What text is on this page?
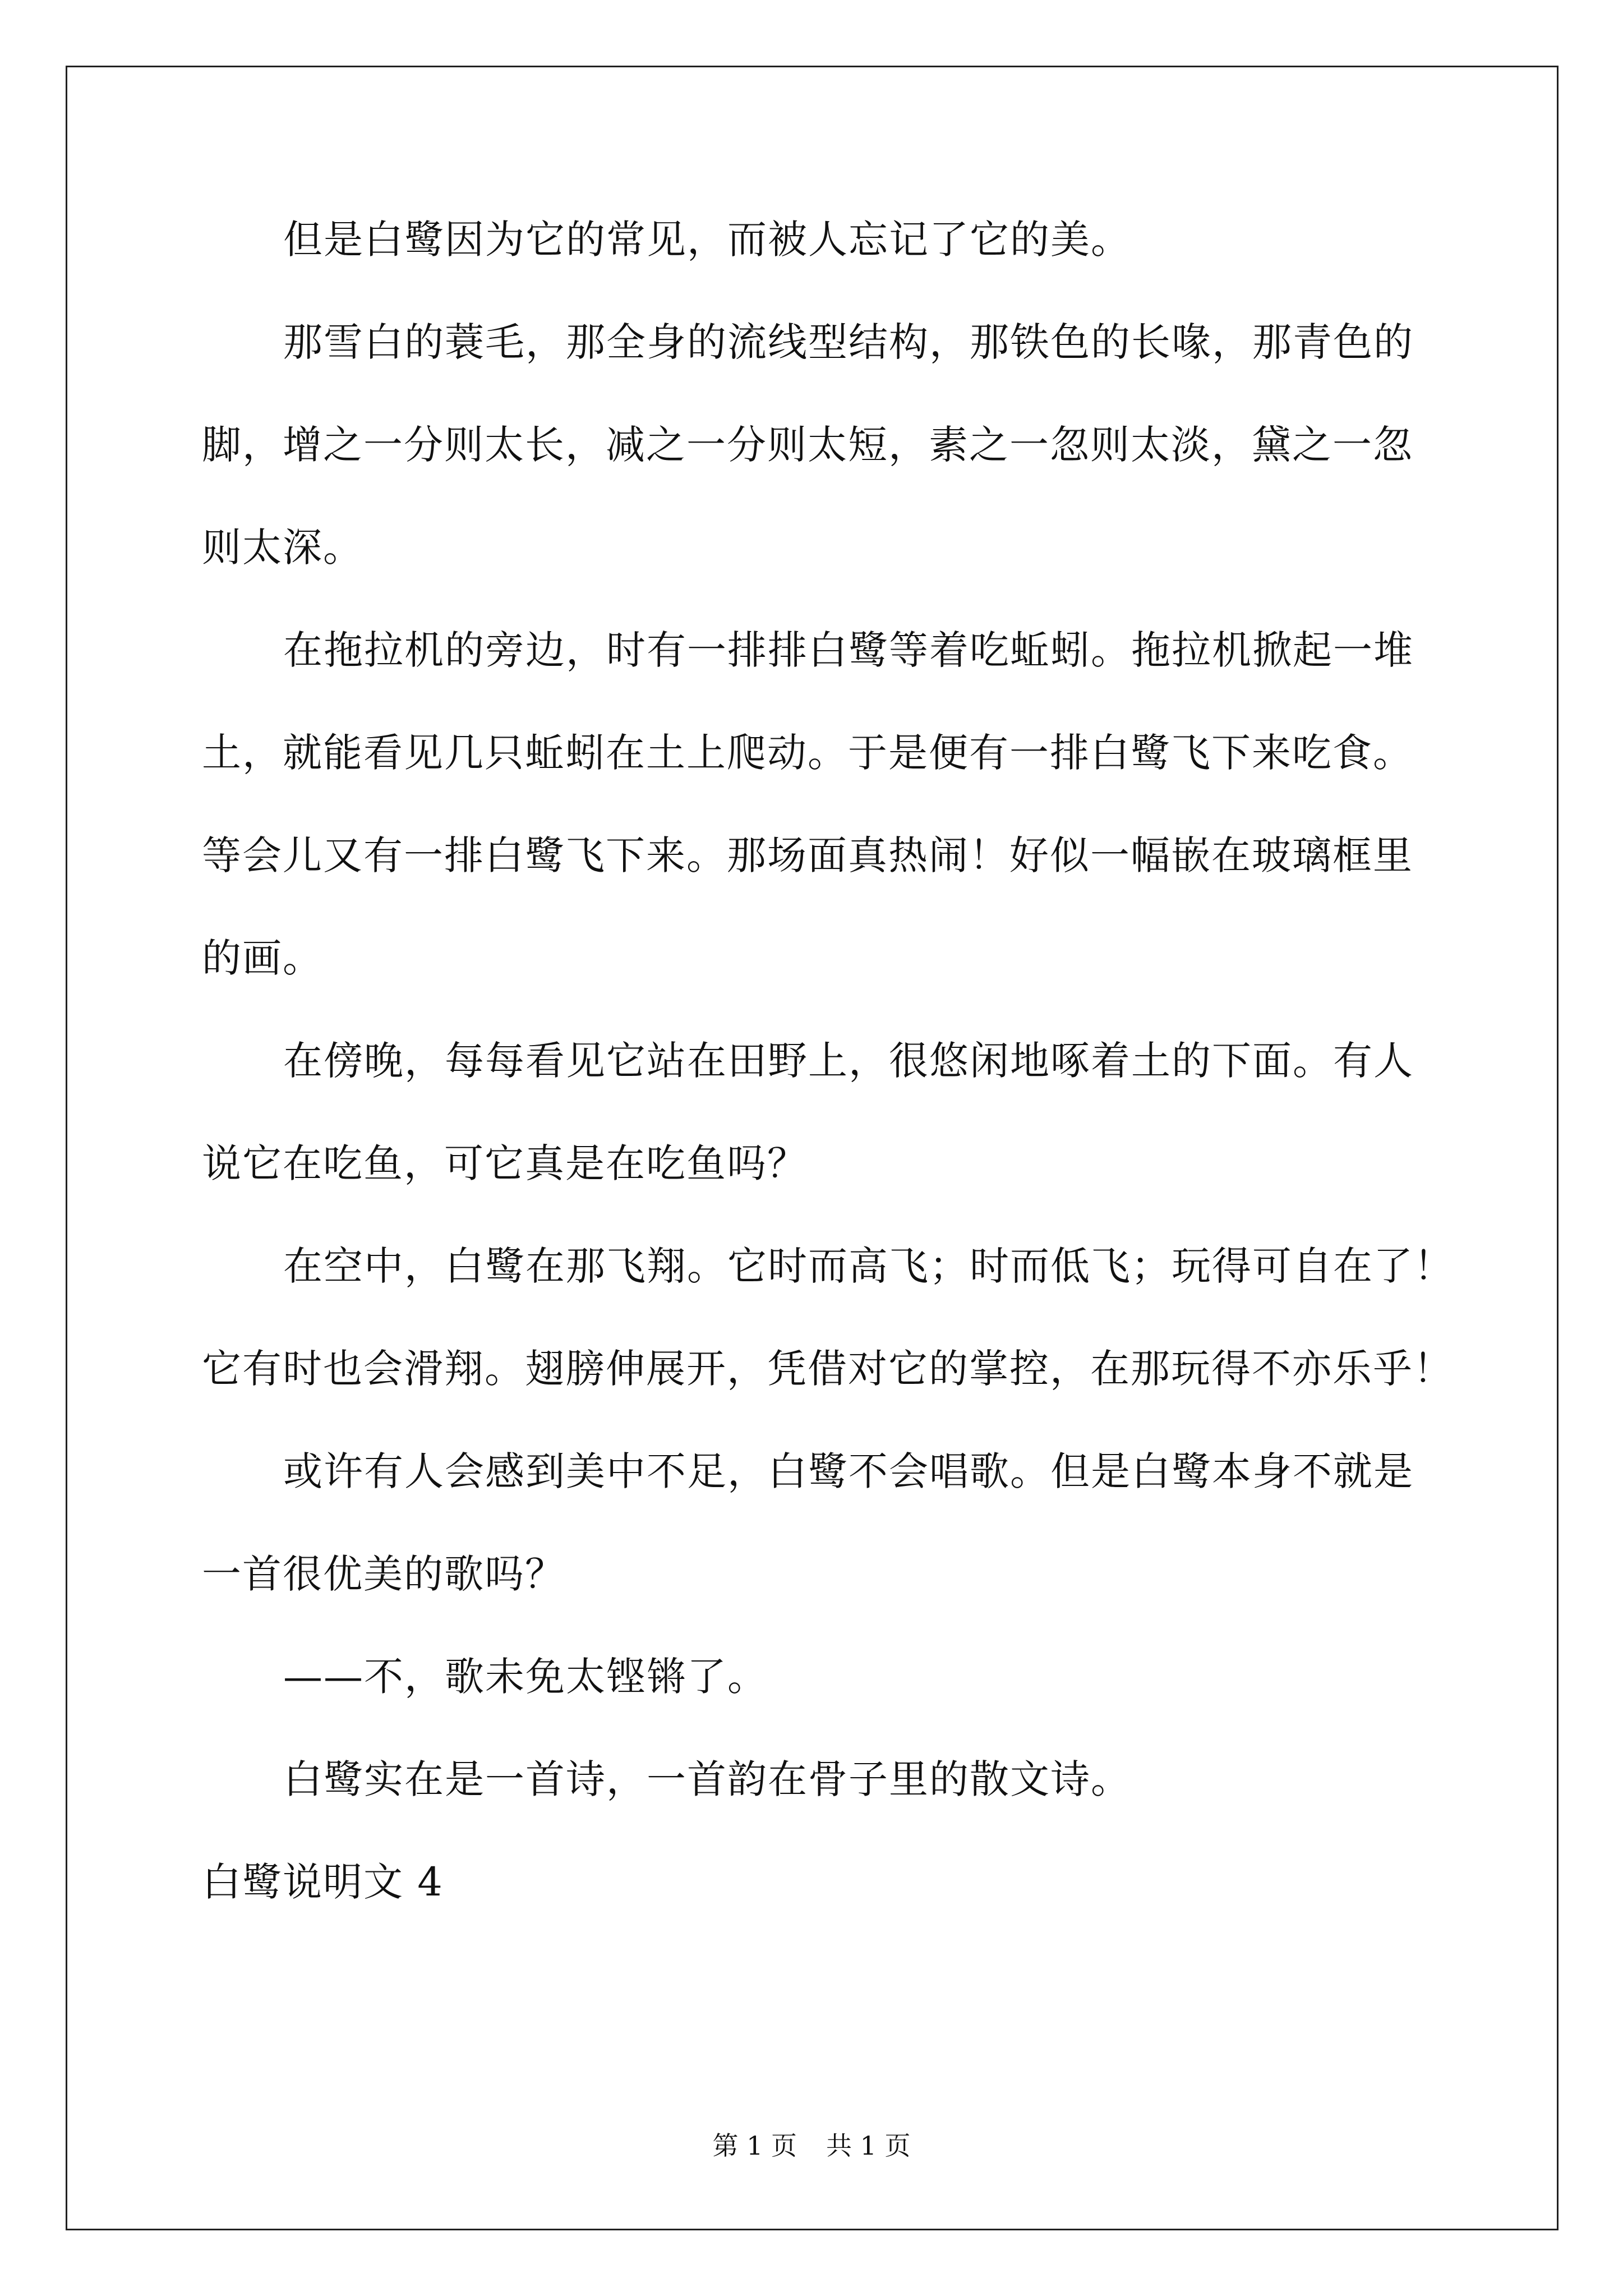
但是白鹭因为它的常见，而被人忘记了它的美。
那雪白的蓑毛，那全身的流线型结构，那铁色的长喙，那青色的
脚，增之一分则太长，减之一分则太短，素之一忽则太淡，黛之一忽
则太深。
在拖拉机的旁边，时有一排排白鹭等着吃蚯蚓。拖拉机掀起一堆
土，就能看见几只蚯蚓在土上爬动。于是便有一排白鹭飞下来吃食。
等会儿又有一排白鹭飞下来。那场面真热闹！好似一幅嵌在玻璃框里
的画。
在傍晚，每每看见它站在田野上，很悠闲地啄着土的下面。有人
说它在吃鱼，可它真是在吃鱼吗？
在空中，白鹭在那飞翔。它时而高飞；时而低飞；玩得可自在了！
它有时也会滑翔。翅膀伸展开，凭借对它的掌控，在那玩得不亦乐乎！
或许有人会感到美中不足，白鹭不会唱歌。但是白鹭本身不就是
一首很优美的歌吗？
——不，歌未免太铿锵了。
白鹭实在是一首诗，一首韵在骨子里的散文诗。
白鹭说明文 4
第 1 页 共 1 页
